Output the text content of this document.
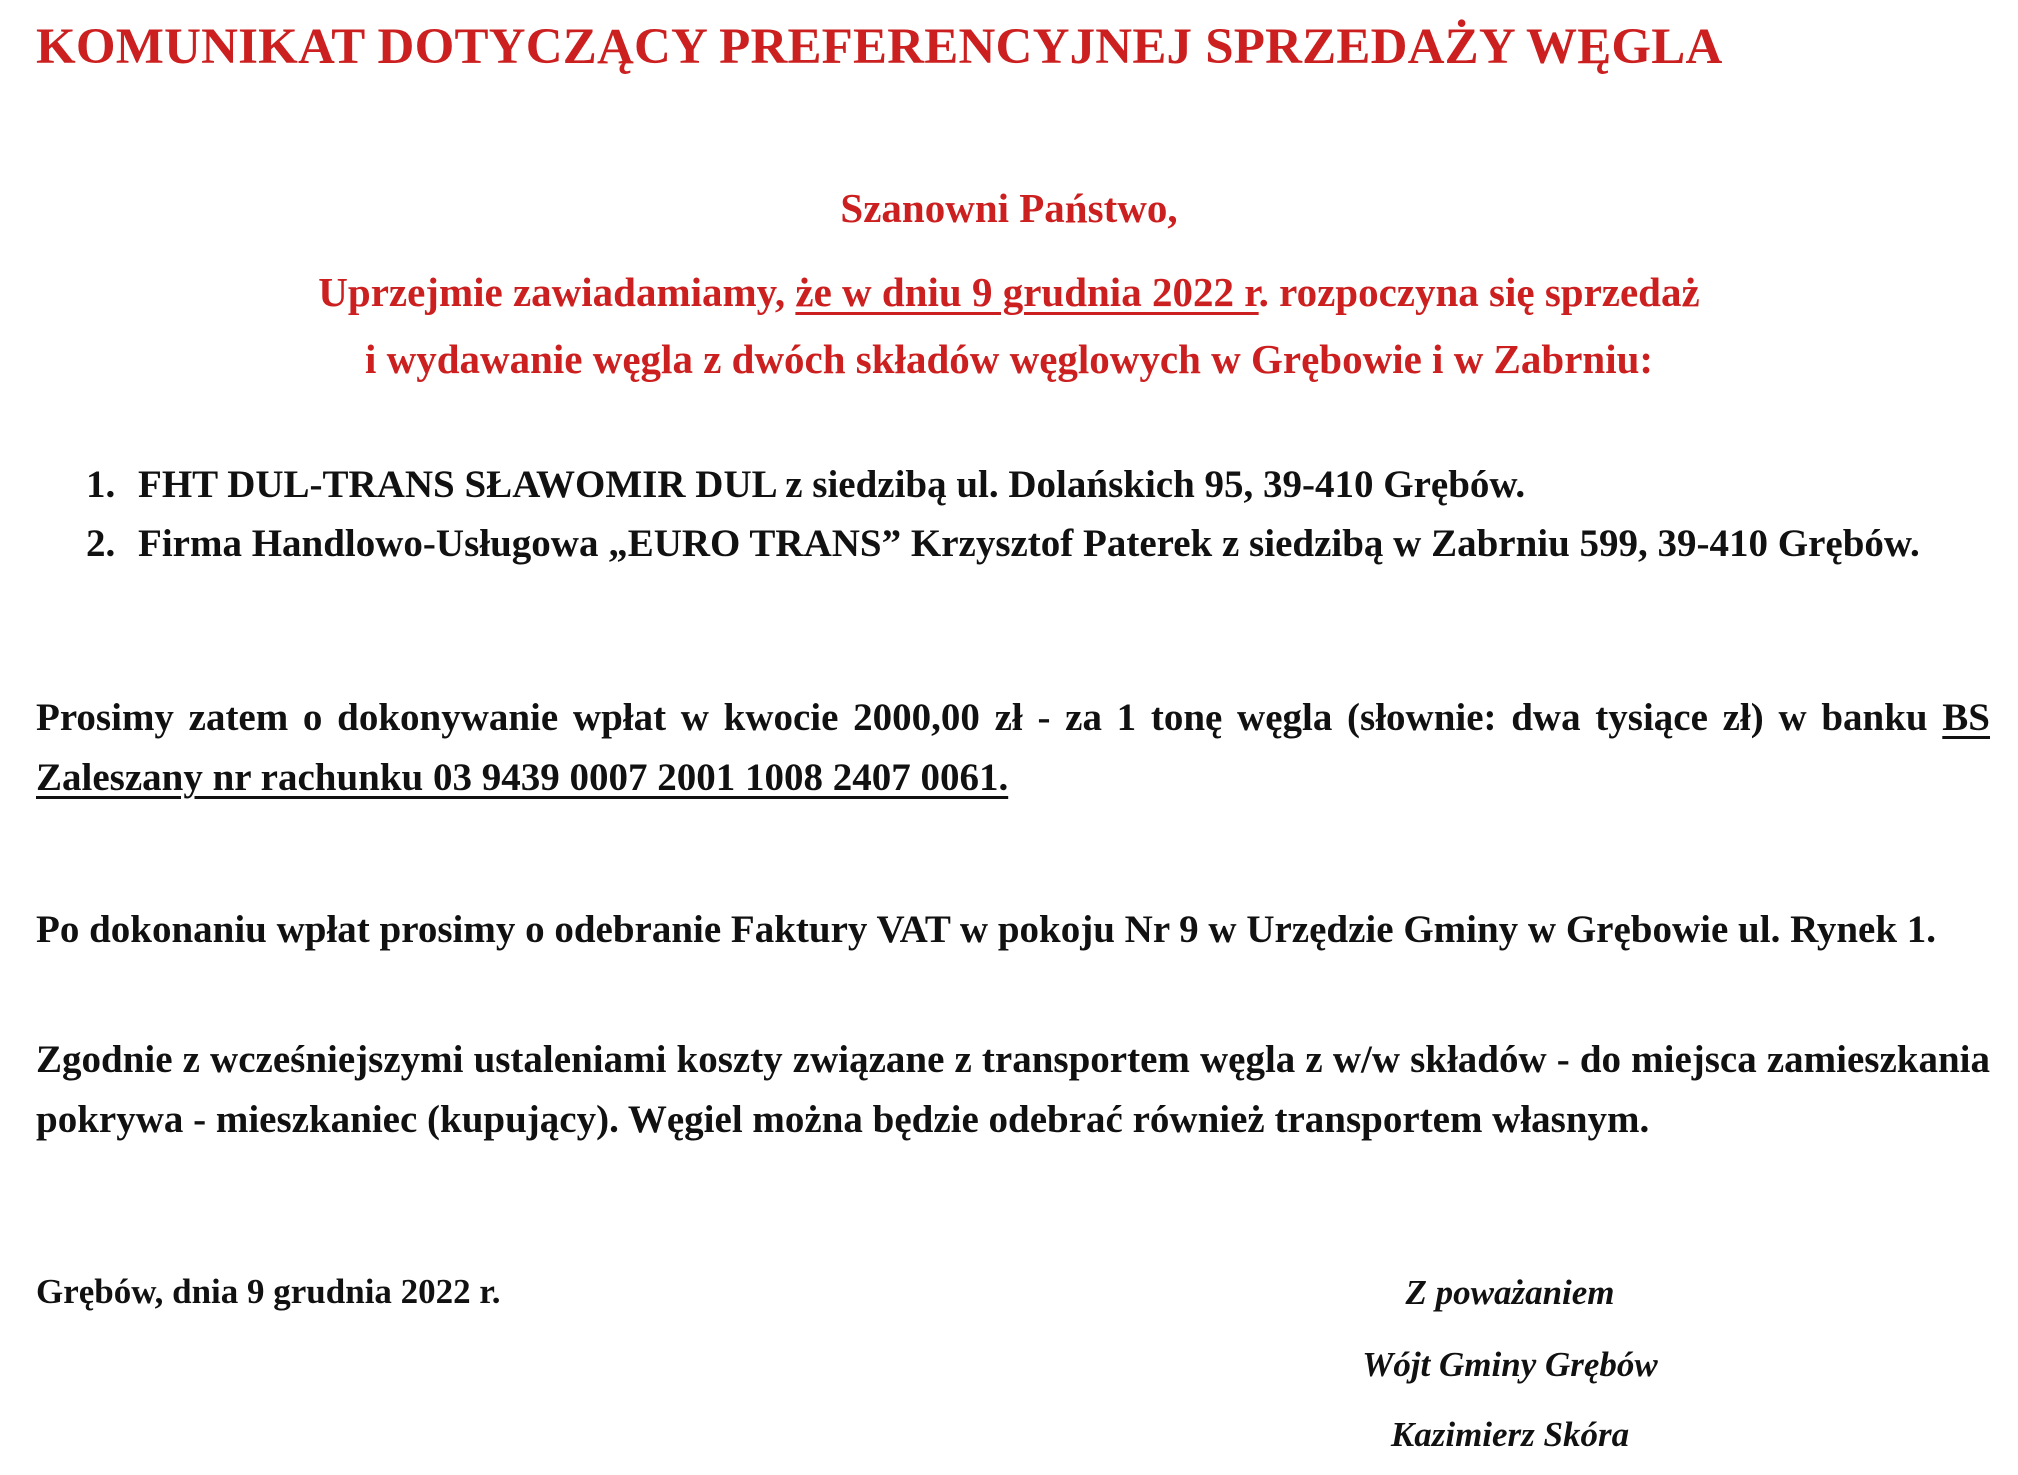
KOMUNIKAT DOTYCZĄCY PREFERENCYJNEJ SPRZEDAŻY WĘGLA
Szanowni Państwo,
Uprzejmie zawiadamiamy, że w dniu 9 grudnia 2022 r. rozpoczyna się sprzedaż
i wydawanie węgla z dwóch składów węglowych w Grębowie i w Zabrniu:
1. FHT DUL-TRANS SŁAWOMIR DUL z siedzibą ul. Dolańskich 95, 39-410 Grębów.
2. Firma Handlowo-Usługowa „EURO TRANS” Krzysztof Paterek z siedzibą w Zabrniu 599, 39-410 Grębów.
Prosimy zatem o dokonywanie wpłat w kwocie 2000,00 zł - za 1 tonę węgla (słownie: dwa tysiące zł) w banku BS Zaleszany nr rachunku 03 9439 0007 2001 1008 2407 0061.
Po dokonaniu wpłat prosimy o odebranie Faktury VAT w pokoju Nr 9 w Urzędzie Gminy w Grębowie ul. Rynek 1.
Zgodnie z wcześniejszymi ustaleniami koszty związane z transportem węgla z w/w składów - do miejsca zamieszkania pokrywa - mieszkaniec (kupujący). Węgiel można będzie odebrać również transportem własnym.
Grębów, dnia 9 grudnia 2022 r.	Z poważaniem
Wójt Gminy Grębów
Kazimierz Skóra
